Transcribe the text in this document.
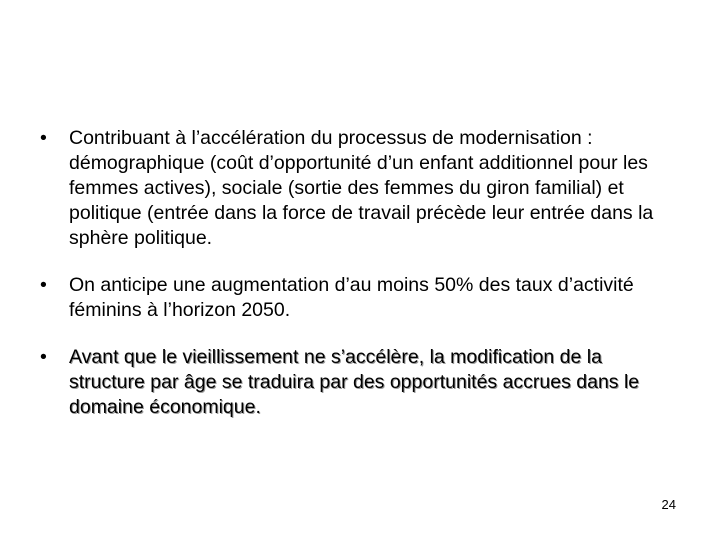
•	Contribuant à l’accélération du processus de modernisation : démographique (coût d’opportunité d’un enfant additionnel pour les femmes actives), sociale (sortie des femmes du giron familial) et politique (entrée dans la force de travail précède leur entrée dans la sphère politique.
•	On anticipe une augmentation d’au moins 50% des taux d’activité féminins à l’horizon 2050.
•	Avant que le vieillissement ne s’accélère, la modification de la structure par âge se traduira par des opportunités accrues dans le domaine économique.
24
